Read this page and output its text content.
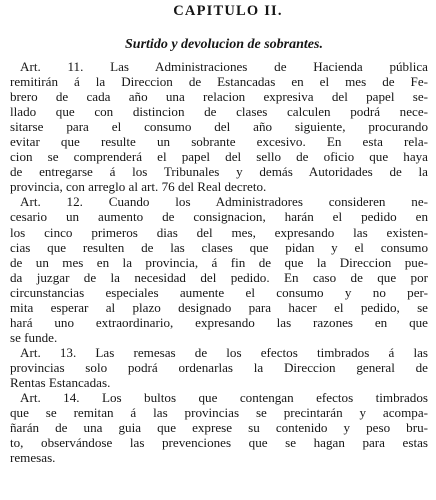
CAPITULO II.
Surtido y devolucion de sobrantes.
Art. 11. Las Administraciones de Hacienda pública
remitirán á la Direccion de Estancadas en el mes de Fe-
brero de cada año una relacion expresiva del papel se-
llado que con distincion de clases calculen podrá nece-
sitarse para el consumo del año siguiente, procurando
evitar que resulte un sobrante excesivo. En esta rela-
cion se comprenderá el papel del sello de oficio que haya
de entregarse á los Tribunales y demás Autoridades de la
provincia, con arreglo al art. 76 del Real decreto.
Art. 12. Cuando los Administradores consideren ne-
cesario un aumento de consignacion, harán el pedido en
los cinco primeros dias del mes, expresando las existen-
cias que resulten de las clases que pidan y el consumo
de un mes en la provincia, á fin de que la Direccion pue-
da juzgar de la necesidad del pedido. En caso de que por
circunstancias especiales aumente el consumo y no per-
mita esperar al plazo designado para hacer el pedido, se
hará uno extraordinario, expresando las razones en que
se funde.
Art. 13. Las remesas de los efectos timbrados á las
provincias solo podrá ordenarlas la Direccion general de
Rentas Estancadas.
Art. 14. Los bultos que contengan efectos timbrados
que se remitan á las provincias se precintarán y acompa-
ñarán de una guia que exprese su contenido y peso bru-
to, observándose las prevenciones que se hagan para estas
remesas.
